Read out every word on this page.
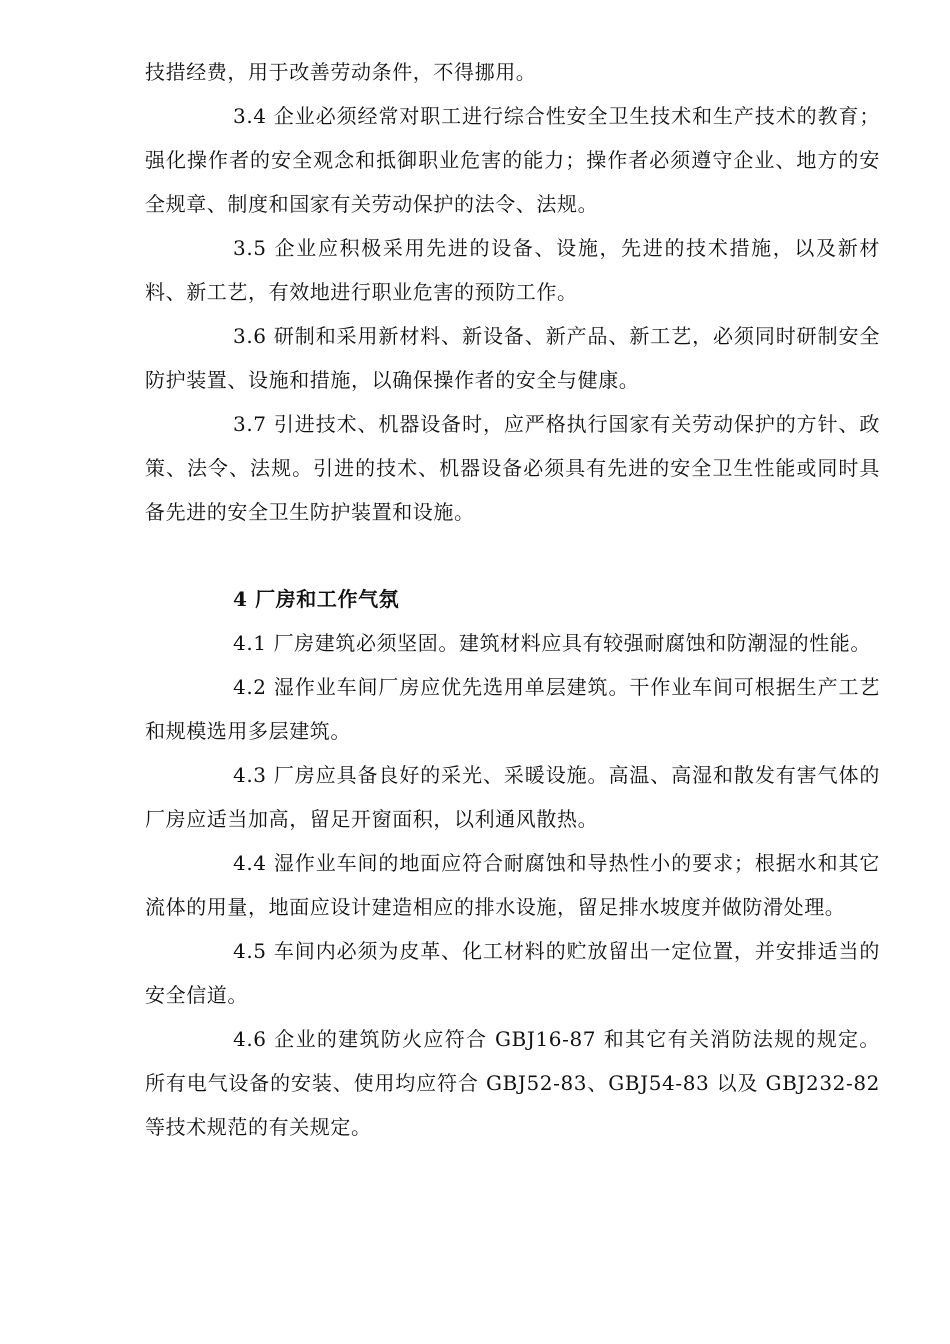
技措经费，用于改善劳动条件，不得挪用。

3.4 企业必须经常对职工进行综合性安全卫生技术和生产技术的教育；强化操作者的安全观念和抵御职业危害的能力；操作者必须遵守企业、地方的安全规章、制度和国家有关劳动保护的法令、法规。

3.5 企业应积极采用先进的设备、设施，先进的技术措施，以及新材料、新工艺，有效地进行职业危害的预防工作。

3.6 研制和采用新材料、新设备、新产品、新工艺，必须同时研制安全防护装置、设施和措施，以确保操作者的安全与健康。

3.7 引进技术、机器设备时，应严格执行国家有关劳动保护的方针、政策、法令、法规。引进的技术、机器设备必须具有先进的安全卫生性能或同时具备先进的安全卫生防护装置和设施。

4 厂房和工作气氛

4.1 厂房建筑必须坚固。建筑材料应具有较强耐腐蚀和防潮湿的性能。

4.2 湿作业车间厂房应优先选用单层建筑。干作业车间可根据生产工艺和规模选用多层建筑。

4.3 厂房应具备良好的采光、采暖设施。高温、高湿和散发有害气体的厂房应适当加高，留足开窗面积，以利通风散热。

4.4 湿作业车间的地面应符合耐腐蚀和导热性小的要求；根据水和其它流体的用量，地面应设计建造相应的排水设施，留足排水坡度并做防滑处理。

4.5 车间内必须为皮革、化工材料的贮放留出一定位置，并安排适当的安全信道。

4.6 企业的建筑防火应符合 GBJ16-87 和其它有关消防法规的规定。所有电气设备的安装、使用均应符合 GBJ52-83、GBJ54-83 以及 GBJ232-82 等技术规范的有关规定。
